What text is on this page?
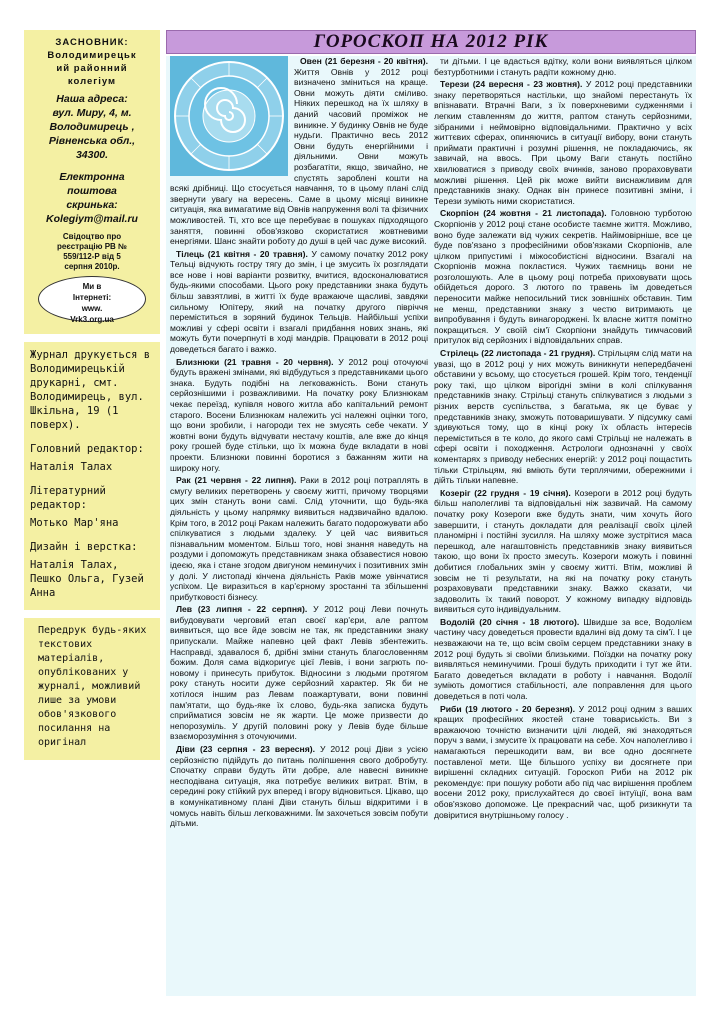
ЗАСНОВНИК:
Володимирецьк
ий районний
колегіум
Наша адреса:
вул. Миру, 4, м.
Володимирець ,
Рівненська обл.,
34300.
Електронна
поштова
скринька:
Kolegiym@mail.ru
Свідоцтво про
реєстрацію РВ №
559/112-Р від 5
серпня 2010р.
Ми в
Інтернеті:
www.
Vrk3.org.ua

Журнал друкується в Володимирецькій друкарні, смт. Володимирець, вул. Шкільна, 19 (1 поверх).

Головний редактор:

Наталія Талах

Літературний редактор:

Мотько Мар'яна

Дизайн і верстка:

Наталія Талах, Пешко Ольга, Гузей Анна

Передрук будь-яких текстових матеріалів, опублікованих у журналі, можливий лише за умови обов'язкового посилання на оригінал
ГОРОСКОП НА 2012 РІК

Овен (21 березня - 20 квітня). Життя Овнів у 2012 році визначено зміниться на краще. Овни можуть діяти сміливо. Ніяких перешкод на їх шляху в даний часовий проміжок не виникне. У будинку Овнів не буде нудьги. Практично весь 2012 Овни будуть енергійними і діяльними. Овни можуть розбагатіти, якщо, звичайно, не спустять зароблені кошти на всякі дрібниці. Що стосується навчання, то в цьому плані слід звернути увагу на вересень. Саме в цьому місяці виникне ситуація, яка вимагатиме від Овнів напруження волі та фізичних можливостей. Ті, хто все ще перебуває в пошуках підходящого заняття, повинні обов'язково скористатися жовтневими енергіями. Шанс знайти роботу до душі в цей час дуже високий.

Тілець (21 квітня - 20 травня). У самому початку 2012 року Тельці відчують гостру тягу до змін, і це змусить їх розглядати все нове і нові варіанти розвитку, вчитися, вдосконалюватися будь-якими способами. Цього року представники знака будуть більш завзятливі, в житті їх буде вражаюче щасливі, завдяки сильному Юпітеру, який на початку другого півріччя переміститься в зоряний будинок Тельців. Найбільші успіхи можливі у сфері освіти і взагалі придбання нових знань, які можуть бути почерпнуті в ході мандрів. Працювати в 2012 році доведеться багато і важко.

Близнюки (21 травня - 20 червня). У 2012 році оточуючі будуть вражені змінами, які відбудуться з представниками цього знака. Будуть подібні на легковажність. Вони стануть серйознішими і розважливими. На початку року Близнюкам чекає переїзд, купівля нового житла або капітальний ремонт старого. Восени Близнюкам належить усі належні оцінки того, що вони зробили, і нагороди тех не змусять себе чекати. У жовтні вони будуть відчувати нестачу коштів, але вже до кінця року грошей буде стільки, що їх можна буде вкладати в нові проекти. Близнюки повинні боротися з бажанням жити на широку ногу.

Рак (21 червня - 22 липня). Раки в 2012 році потраплять в смугу великих перетворень у своєму житті, причому творцями цих змін стануть вони самі. Слід уточнити, що будь-яка діяльність у цьому напрямку виявиться надзвичайно вдалою. Крім того, в 2012 році Ракам належить багато подорожувати або спілкуватися з людьми здалеку. У цей час виявиться пізнавальним моментом. Більш того, нові знання наведуть на роздуми і допоможуть представникам знака обзавестися новою ідеєю, яка і стане згодом двигуном неминучих і позитивних змін у долі. У листопаді кінчена діяльність Раків може увінчатися успіхом. Це виразиться в кар'єрному зростанні та збільшенні прибутковості бізнесу.

Лев (23 липня - 22 серпня). У 2012 році Леви почнуть вибудовувати черговий етап своєї кар'єри, але раптом виявиться, що все йде зовсім не так, як представники знаку припускали. Майже напевно цей факт Левів збентежить. Насправді, здавалося б, дрібні зміни стануть благословенням божим. Доля сама відкоригує цієї Левів, і вони загрють по-новому і принесуть прибуток. Відносини з людьми протягом року стануть носити дуже серйозний характер. Як би не хотілося іншим раз Левам поажартувати, вони повинні пам'ятати, що будь-яке їх слово, будь-яка записка будуть сприйматися зовсім не як жарти. Це може призвести до непорозуміль. У другій половині року у Левів буде більше взаєморозуміння з оточуючими.

Діви (23 серпня - 23 вересня). У 2012 році Діви з усією серйозністю підійдуть до питань поліпшення свого добробуту. Спочатку справи будуть йти добре, але навесні виникне несподівана ситуація, яка потребує великих витрат. Втім, в середині року стійкий рух вперед і вгору відновиться. Цікаво, що в комунікативному плані Діви стануть більш відкритими і в чомусь навіть більш легковажними. Їм захочеться зовсім побути дітьми.

ти дітьми. І це вдасться вдітку, коли вони виявляться цілком безтурботними і стануть радіти кожному дню.

Терези (24 вересня - 23 жовтня). У 2012 році представники знаку перетворяться настільки, що знайомі перестануть їх впізнавати. Втрачні Ваги, з їх поверхневими судженнями і легким ставленням до життя, раптом стануть серйозними, зібраними і неймовірно відповідальними. Практично у всіх життєвих сферах, опиняючись в ситуації вибору, вони стануть приймати практичні і розумні рішення, не покладаючись, як завичай, на ввось. При цьому Ваги стануть постійно хвилюватися з приводу своїх вчинків, заново прораховувати можливі рішення. Цей рік може вийти виснажливим для представників знаку. Однак він принесе позитивні зміни, і Терези зуміють ними скористатися.

Скорпіон (24 жовтня - 21 листопада). Головною турботою Скорпіонів у 2012 році стане особисте таємне життя. Можливо, воно буде залежати від чужих секретів. Найімовірніше, все це буде пов'язано з професійними обов'язками Скорпіонів, але цілком припустимі і міжособистісні відносини. Взагалі на Скорпіонів можна покластися. Чужих таємниць вони не розголошують. Але в цьому році потреба приховувати щось обійдеться дорого. З лютого по травень їм доведеться переносити майже непосильний тиск зовнішніх обставин. Тим не менш, представники знаку з честю витримають це випробування і будуть винагороджені. Їх власне життя помітно покращиться. У своїй сім'ї Скорпіони знайдуть тимчасовий притулок від серйозних і відповідальних справ.

Стрілець (22 листопада - 21 грудня). Стрільцям слід мати на увазі, що в 2012 році у них можуть виникнути непередбачені обставини у всьому, що стосується грошей. Крім того, тенденції року такі, що цілком вірогідні зміни в колі спілкування представників знаку. Стрільці стануть спілкуватися з людьми з різних верств суспільства, з багатьма, як це буває у представників знаку, зможуть потоваришувати. У підсумку самі здивуються тому, що в кінці року їх область інтересів переміститься в те коло, до якого самі Стрільці не належать в сфері освіти і походження. Астрологи однозначні у своїх коментарях з приводу небесних енергій: у 2012 році пощастить тільки Стрільцям, які вміють бути терплячими, обережними і дійть тільки напевне.

Козеріг (22 грудня - 19 січня). Козероги в 2012 році будуть більш наполегливі та відповідальні ніж зазвичай. На самому початку року Козероги вже будуть знати, чим хочуть його завершити, і стануть докладати для реалізації своїх цілей планомірні і постійні зусилля. На шляху може зустрітися маса перешкод, але нагаштовність представників знаку виявиться такою, що вони їх просто змесуть. Козероги можуть і повинні добитися глобальних змін у своєму житті. Втім, можливі й зовсім не ті результати, на які на початку року стануть розраховувати представники знаку. Важко сказати, чи задоволить їх такий поворот. У кожному випадку відповідь виявиться суто індивідуальним.

Водолій (20 січня - 18 лютого). Швидше за все, Водолієм частину часу доведеться провести вдалині від дому та сім'ї. І це незважаючи на те, що всім своїм серцем представники знаку в 2012 році будуть зі своїми близькими. Поїздки на початку року виявляться неминучими. Гроші будуть приходити і тут же йти. Багато доведеться вкладати в роботу і навчання. Водолії зуміють домогтися стабільності, але поправлення для цього доведеться в поті чола.

Риби (19 лютого - 20 березня). У 2012 році одним з ваших кращих професійних якостей стане товариськість. Ви з вражаючою точністю визначити цілі людей, які знаходяться поруч з вами, і змусите їх працювати на себе. Хоч наполегливо і намагаються перешкодити вам, ви все одно досягнете поставленої мети. Ще більшого успіху ви досягнете при вирішенні складних ситуацій. Гороскоп Риби на 2012 рік рекомендує: при пошуку роботи або під час вирішення проблем восени 2012 року, прислухайтеся до своєї інтуїції, вона вам обов'язково допоможе. Це прекрасний час, щоб ризикнути та довіритися внутрішньому голосу .
